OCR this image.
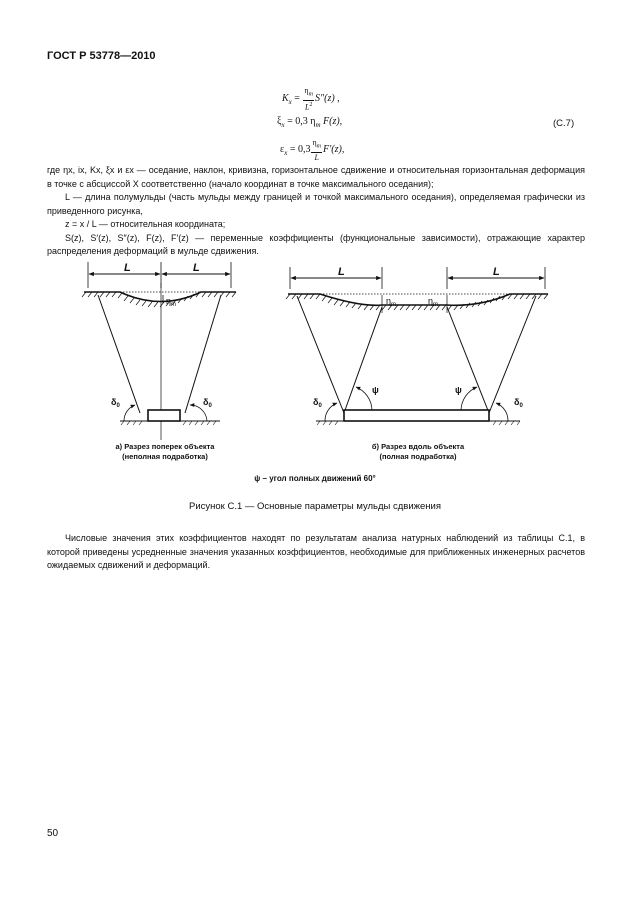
ГОСТ Р 53778—2010
$K_x = \frac{\eta_m}{L^2} S''(z)$ ,
$\xi_x = 0,3$ $\eta_m$ F(z),	(С.7)
$\varepsilon_x = 0,3 \frac{\eta_m}{L} F'(z)$,

где ηx, ix, Kx, ξx и εx — оседание, наклон, кривизна, горизонтальное сдвижение и относительная горизонтальная деформация в точке с абсциссой X соответственно (начало координат в точке максимального оседания);

L — длина полумульды (часть мульды между границей и точкой максимального оседания), определяемая графически из приведенного рисунка,

z = x / L — относительная координата;

S(z), S′(z), S″(z), F(z), F′(z) — переменные коэффициенты (функциональные зависимости), отражающие характер распределения деформаций в мульде сдвижения.

L	L
$\eta_m$
$\delta_0$	$\delta_0$
а) Разрез поперек объекта
(неполная подработка)
L	L
$\eta_m$	$\eta_m$
ψ	ψ
$\delta_0$	$\delta_0$
б) Разрез вдоль объекта
(полная подработка)
ψ – угол полных движений 60°
Рисунок С.1 — Основные параметры мульды сдвижения

Числовые значения этих коэффициентов находят по результатам анализа натурных наблюдений из таблицы С.1, в которой приведены усредненные значения указанных коэффициентов, необходимые для приближенных инженерных расчетов ожидаемых сдвижений и деформаций.

50
